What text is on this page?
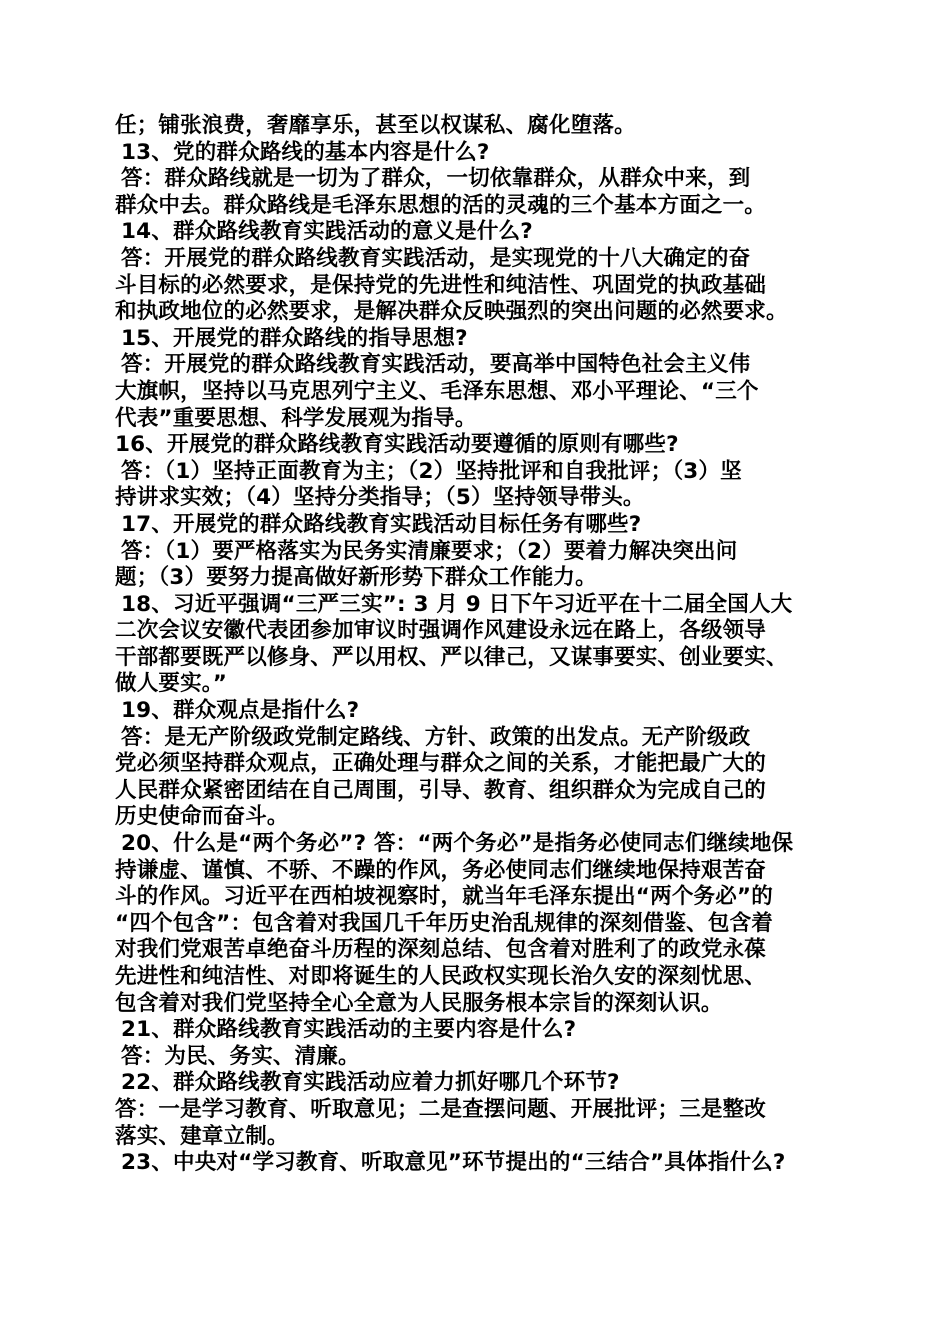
任；铺张浪费，奢靡享乐，甚至以权谋私、腐化堕落。
13、党的群众路线的基本内容是什么?
答：群众路线就是一切为了群众，一切依靠群众，从群众中来，到
群众中去。群众路线是毛泽东思想的活的灵魂的三个基本方面之一。
14、群众路线教育实践活动的意义是什么?
答：开展党的群众路线教育实践活动，是实现党的十八大确定的奋
斗目标的必然要求，是保持党的先进性和纯洁性、巩固党的执政基础
和执政地位的必然要求，是解决群众反映强烈的突出问题的必然要求。
15、开展党的群众路线的指导思想?
答：开展党的群众路线教育实践活动，要高举中国特色社会主义伟
大旗帜，坚持以马克思列宁主义、毛泽东思想、邓小平理论、“三个
代表”重要思想、科学发展观为指导。
16、开展党的群众路线教育实践活动要遵循的原则有哪些?
答：（1）坚持正面教育为主；（2）坚持批评和自我批评；（3）坚
持讲求实效；（4）坚持分类指导；（5）坚持领导带头。
17、开展党的群众路线教育实践活动目标任务有哪些?
答：（1）要严格落实为民务实清廉要求；（2）要着力解决突出问
题；（3）要努力提高做好新形势下群众工作能力。
18、习近平强调“三严三实”: 3 月 9 日下午习近平在十二届全国人大
二次会议安徽代表团参加审议时强调作风建设永远在路上，各级领导
干部都要既严以修身、严以用权、严以律己，又谋事要实、创业要实、
做人要实。”
19、群众观点是指什么?
答：是无产阶级政党制定路线、方针、政策的出发点。无产阶级政
党必须坚持群众观点，正确处理与群众之间的关系，才能把最广大的
人民群众紧密团结在自己周围，引导、教育、组织群众为完成自己的
历史使命而奋斗。
20、什么是“两个务必”? 答：“两个务必”是指务必使同志们继续地保
持谦虚、谨慎、不骄、不躁的作风，务必使同志们继续地保持艰苦奋
斗的作风。习近平在西柏坡视察时，就当年毛泽东提出“两个务必”的
“四个包含”：包含着对我国几千年历史治乱规律的深刻借鉴、包含着
对我们党艰苦卓绝奋斗历程的深刻总结、包含着对胜利了的政党永葆
先进性和纯洁性、对即将诞生的人民政权实现长治久安的深刻忧思、
包含着对我们党坚持全心全意为人民服务根本宗旨的深刻认识。
21、群众路线教育实践活动的主要内容是什么?
答：为民、务实、清廉。
22、群众路线教育实践活动应着力抓好哪几个环节?
答：一是学习教育、听取意见；二是查摆问题、开展批评；三是整改
落实、建章立制。
23、中央对“学习教育、听取意见”环节提出的“三结合”具体指什么?
